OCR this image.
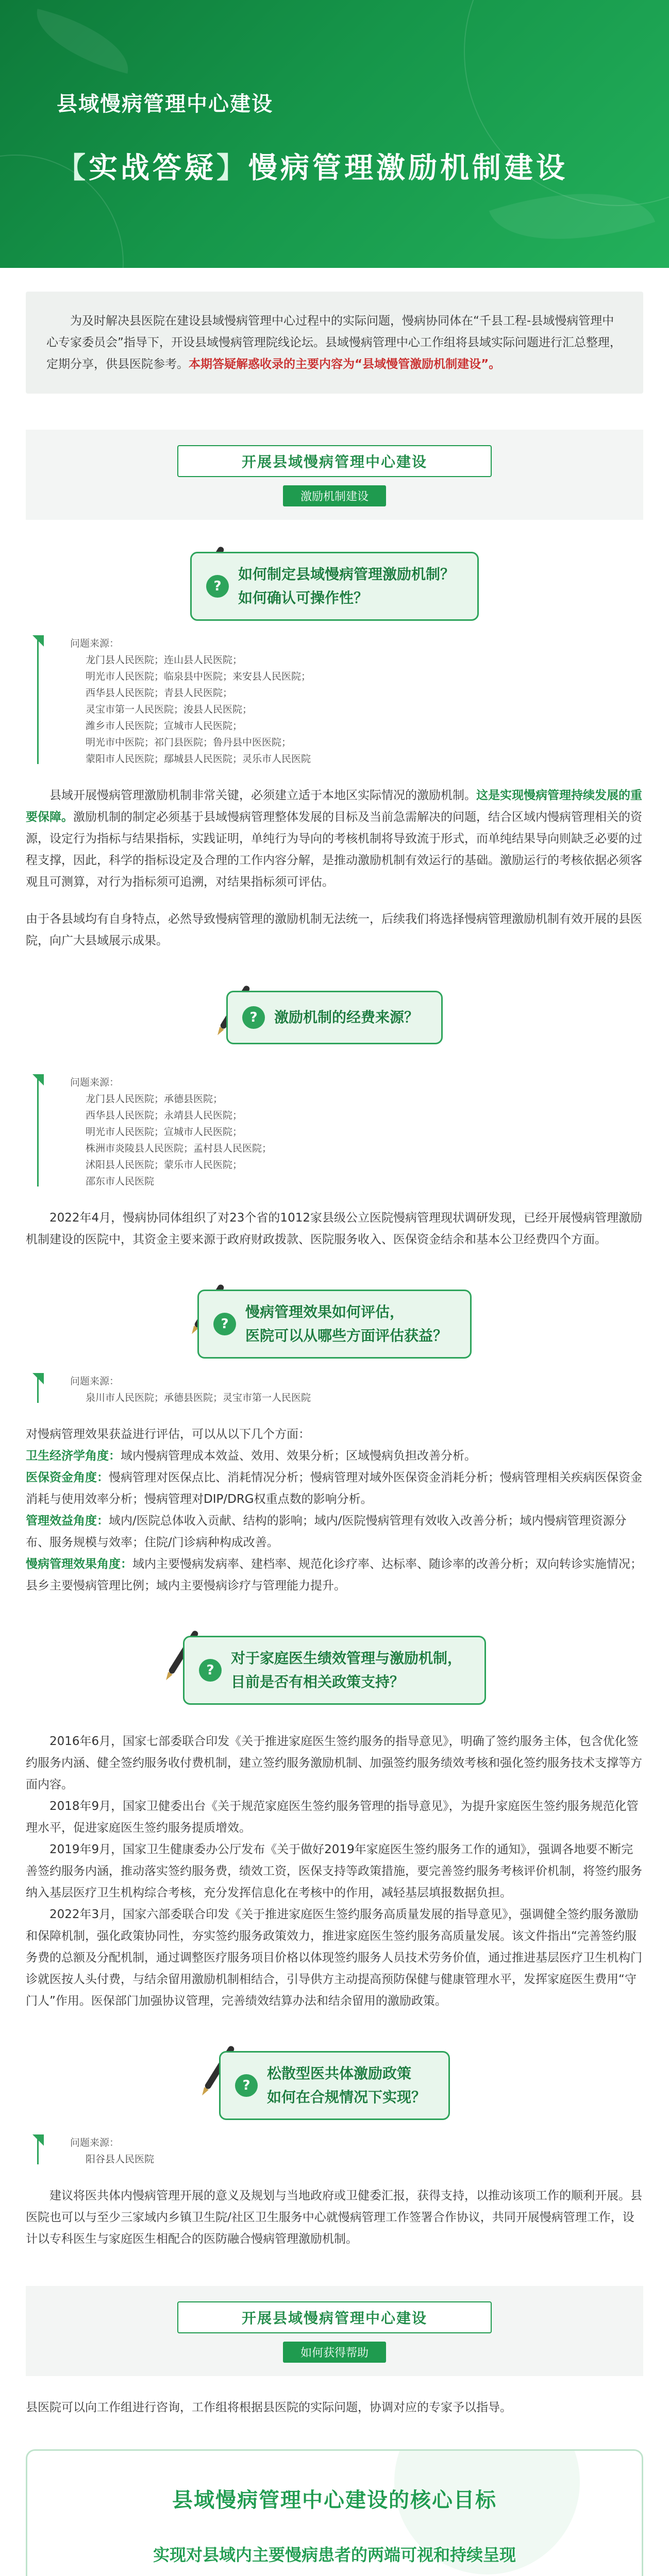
县域慢病管理中心建设
【实战答疑】慢病管理激励机制建设
为及时解决县医院在建设县域慢病管理中心过程中的实际问题，慢病协同体在“千县工程-县域慢病管理中心专家委员会”指导下，开设县域慢病管理院线论坛。县域慢病管理中心工作组将县域实际问题进行汇总整理，定期分享，供县医院参考。本期答疑解惑收录的主要内容为“县域慢管激励机制建设”。
开展县域慢病管理中心建设
激励机制建设
?
如何制定县域慢病管理激励机制？
如何确认可操作性？
问题来源：
龙门县人民医院；连山县人民医院；
明光市人民医院；临泉县中医院；来安县人民医院；
西华县人民医院；青县人民医院；
灵宝市第一人民医院；浚县人民医院；
潍乡市人民医院；宣城市人民医院；
明光市中医院；祁门县医院；鲁丹县中医医院；
蒙阳市人民医院；鄢城县人民医院；灵乐市人民医院

县域开展慢病管理激励机制非常关键，必须建立适于本地区实际情况的激励机制。这是实现慢病管理持续发展的重要保障。激励机制的制定必须基于县域慢病管理整体发展的目标及当前急需解决的问题，结合区域内慢病管理相关的资源，设定行为指标与结果指标，实践证明，单纯行为导向的考核机制将导致流于形式，而单纯结果导向则缺乏必要的过程支撑，因此，科学的指标设定及合理的工作内容分解，是推动激励机制有效运行的基础。激励运行的考核依据必须客观且可测算，对行为指标须可追溯，对结果指标须可评估。

由于各县域均有自身特点，必然导致慢病管理的激励机制无法统一，后续我们将选择慢病管理激励机制有效开展的县医院，向广大县域展示成果。

?	激励机制的经费来源？
问题来源：
龙门县人民医院；承德县医院；
西华县人民医院；永靖县人民医院；
明光市人民医院；宣城市人民医院；
株洲市炎陵县人民医院；孟村县人民医院；
沭阳县人民医院；蒙乐市人民医院；
邵东市人民医院

2022年4月，慢病协同体组织了对23个省的1012家县级公立医院慢病管理现状调研发现，已经开展慢病管理激励机制建设的医院中，其资金主要来源于政府财政拨款、医院服务收入、医保资金结余和基本公卫经费四个方面。

?
慢病管理效果如何评估，
医院可以从哪些方面评估获益？
问题来源：
泉川市人民医院；承德县医院；灵宝市第一人民医院

对慢病管理效果获益进行评估，可以从以下几个方面：

卫生经济学角度：域内慢病管理成本效益、效用、效果分析；区域慢病负担改善分析。

医保资金角度：慢病管理对医保点比、消耗情况分析；慢病管理对域外医保资金消耗分析；慢病管理相关疾病医保资金消耗与使用效率分析；慢病管理对DIP/DRG权重点数的影响分析。

管理效益角度：域内/医院总体收入贡献、结构的影响；域内/医院慢病管理有效收入改善分析；域内慢病管理资源分布、服务规模与效率；住院/门诊病种构成改善。

慢病管理效果角度：域内主要慢病发病率、建档率、规范化诊疗率、达标率、随诊率的改善分析；双向转诊实施情况；县乡主要慢病管理比例；域内主要慢病诊疗与管理能力提升。

?
对于家庭医生绩效管理与激励机制，
目前是否有相关政策支持？

2016年6月，国家七部委联合印发《关于推进家庭医生签约服务的指导意见》，明确了签约服务主体，包含优化签约服务内涵、健全签约服务收付费机制，建立签约服务激励机制、加强签约服务绩效考核和强化签约服务技术支撑等方面内容。

2018年9月，国家卫健委出台《关于规范家庭医生签约服务管理的指导意见》，为提升家庭医生签约服务规范化管理水平，促进家庭医生签约服务提质增效。

2019年9月，国家卫生健康委办公厅发布《关于做好2019年家庭医生签约服务工作的通知》，强调各地要不断完善签约服务内涵，推动落实签约服务费，绩效工资，医保支持等政策措施，要完善签约服务考核评价机制，将签约服务纳入基层医疗卫生机构综合考核，充分发挥信息化在考核中的作用，减轻基层填报数据负担。

2022年3月，国家六部委联合印发《关于推进家庭医生签约服务高质量发展的指导意见》，强调健全签约服务激励和保障机制，强化政策协同性，夯实签约服务政策效力，推进家庭医生签约服务高质量发展。该文件指出“完善签约服务费的总额及分配机制，通过调整医疗服务项目价格以体现签约服务人员技术劳务价值，通过推进基层医疗卫生机构门诊就医按人头付费，与结余留用激励机制相结合，引导供方主动提高预防保健与健康管理水平，发挥家庭医生费用“守门人”作用。医保部门加强协议管理，完善绩效结算办法和结余留用的激励政策。

?
松散型医共体激励政策
如何在合规情况下实现？
问题来源：
阳谷县人民医院

建议将医共体内慢病管理开展的意义及规划与当地政府或卫健委汇报，获得支持，以推动该项工作的顺利开展。县医院也可以与至少三家域内乡镇卫生院/社区卫生服务中心就慢病管理工作签署合作协议，共同开展慢病管理工作，设计以专科医生与家庭医生相配合的医防融合慢病管理激励机制。

开展县域慢病管理中心建设
如何获得帮助
县医院可以向工作组进行咨询，工作组将根据县医院的实际问题，协调对应的专家予以指导。
县域慢病管理中心建设的核心目标
实现对县域内主要慢病患者的两端可视和持续呈现
